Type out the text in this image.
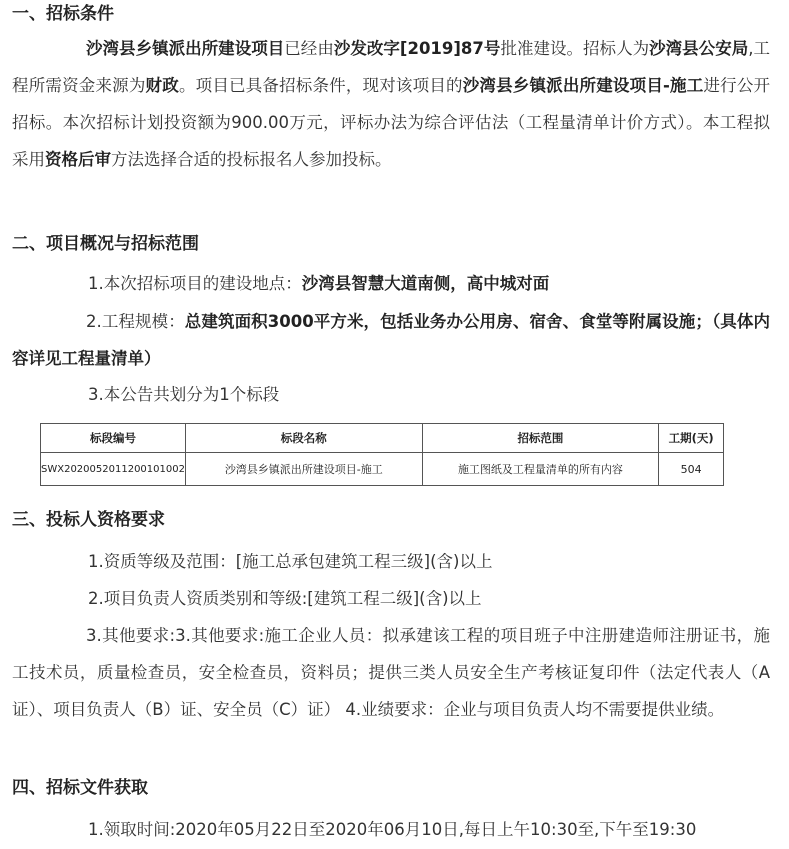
一、招标条件
沙湾县乡镇派出所建设项目已经由沙发改字[2019]87号批准建设。招标人为沙湾县公安局,工程所需资金来源为财政。项目已具备招标条件，现对该项目的沙湾县乡镇派出所建设项目-施工进行公开招标。本次招标计划投资额为900.00万元，评标办法为综合评估法（工程量清单计价方式）。本工程拟采用资格后审方法选择合适的投标报名人参加投标。
二、项目概况与招标范围
1.本次招标项目的建设地点：沙湾县智慧大道南侧，高中城对面
2.工程规模：总建筑面积3000平方米，包括业务办公用房、宿舍、食堂等附属设施；（具体内容详见工程量清单）
3.本公告共划分为1个标段
标段编号	标段名称	招标范围	工期(天)
SWX2020052011200101002	沙湾县乡镇派出所建设项目-施工	施工图纸及工程量清单的所有内容	504
三、投标人资格要求
1.资质等级及范围：[施工总承包建筑工程三级](含)以上
2.项目负责人资质类别和等级:[建筑工程二级](含)以上
3.其他要求:3.其他要求:施工企业人员：拟承建该工程的项目班子中注册建造师注册证书，施工技术员，质量检查员，安全检查员，资料员；提供三类人员安全生产考核证复印件（法定代表人（A证）、项目负责人（B）证、安全员（C）证） 4.业绩要求：企业与项目负责人均不需要提供业绩。
四、招标文件获取
1.领取时间:2020年05月22日至2020年06月10日,每日上午10:30至,下午至19:30
